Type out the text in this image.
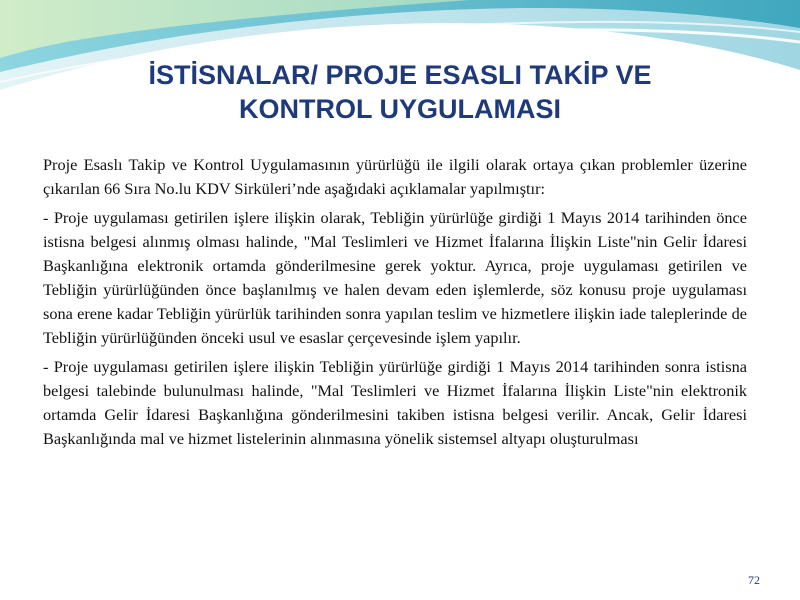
İSTİSNALAR/ PROJE ESASLI TAKİP VE
KONTROL UYGULAMASI

Proje Esaslı Takip ve Kontrol Uygulamasının yürürlüğü ile ilgili olarak ortaya çıkan problemler üzerine çıkarılan 66 Sıra No.lu KDV Sirküleri’nde aşağıdaki açıklamalar yapılmıştır:

- Proje uygulaması getirilen işlere ilişkin olarak, Tebliğin yürürlüğe girdiği 1 Mayıs 2014 tarihinden önce istisna belgesi alınmış olması halinde, "Mal Teslimleri ve Hizmet İfalarına İlişkin Liste"nin Gelir İdaresi Başkanlığına elektronik ortamda gönderilmesine gerek yoktur. Ayrıca, proje uygulaması getirilen ve Tebliğin yürürlüğünden önce başlanılmış ve halen devam eden işlemlerde, söz konusu proje uygulaması sona erene kadar Tebliğin yürürlük tarihinden sonra yapılan teslim ve hizmetlere ilişkin iade taleplerinde de Tebliğin yürürlüğünden önceki usul ve esaslar çerçevesinde işlem yapılır.

- Proje uygulaması getirilen işlere ilişkin Tebliğin yürürlüğe girdiği 1 Mayıs 2014 tarihinden sonra istisna belgesi talebinde bulunulması halinde, "Mal Teslimleri ve Hizmet İfalarına İlişkin Liste"nin elektronik ortamda Gelir İdaresi Başkanlığına gönderilmesini takiben istisna belgesi verilir. Ancak, Gelir İdaresi Başkanlığında mal ve hizmet listelerinin alınmasına yönelik sistemsel altyapı oluşturulması

72
